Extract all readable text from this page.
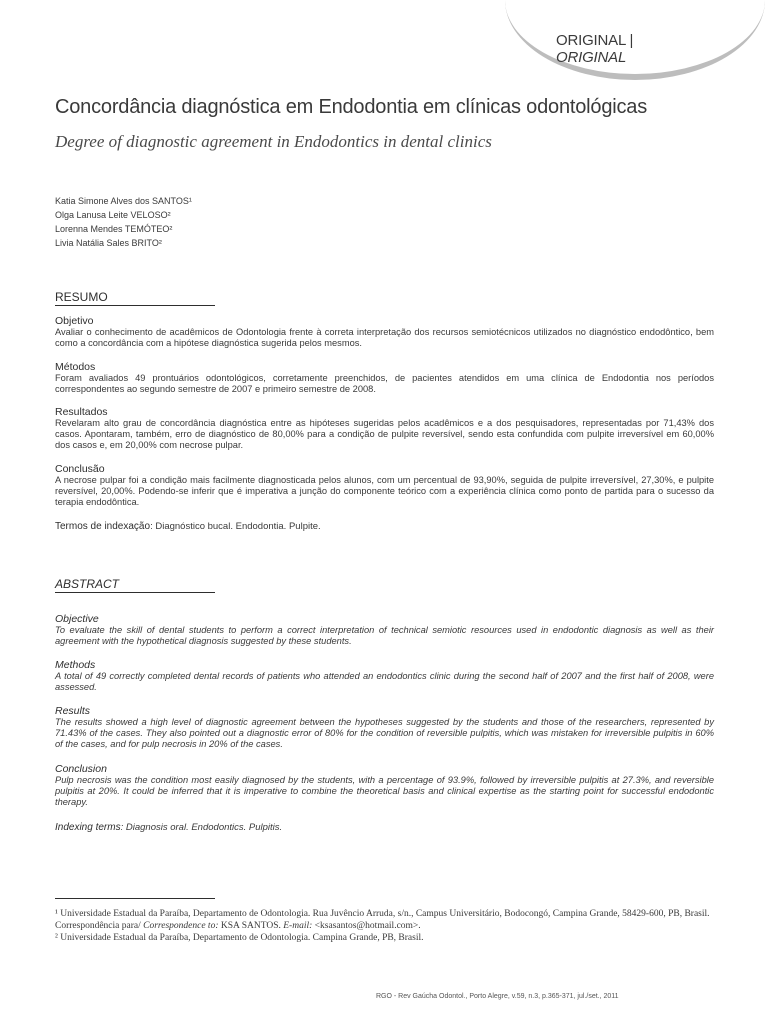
ORIGINAL | ORIGINAL
Concordância diagnóstica em Endodontia em clínicas odontológicas
Degree of diagnostic agreement in Endodontics in dental clinics
Katia Simone Alves dos SANTOS¹
Olga Lanusa Leite VELOSO²
Lorenna Mendes TEMÓTEO²
Livia Natália Sales BRITO²
RESUMO
Objetivo
Avaliar o conhecimento de acadêmicos de Odontologia frente à correta interpretação dos recursos semiotécnicos utilizados no diagnóstico endodôntico, bem como a concordância com a hipótese diagnóstica sugerida pelos mesmos.
Métodos
Foram avaliados 49 prontuários odontológicos, corretamente preenchidos, de pacientes atendidos em uma clínica de Endodontia nos períodos correspondentes ao segundo semestre de 2007 e primeiro semestre de 2008.
Resultados
Revelaram alto grau de concordância diagnóstica entre as hipóteses sugeridas pelos acadêmicos e a dos pesquisadores, representadas por 71,43% dos casos. Apontaram, também, erro de diagnóstico de 80,00% para a condição de pulpite reversível, sendo esta confundida com pulpite irreversível em 60,00% dos casos e, em 20,00% com necrose pulpar.
Conclusão
A necrose pulpar foi a condição mais facilmente diagnosticada pelos alunos, com um percentual de 93,90%, seguida de pulpite irreversível, 27,30%, e pulpite reversível, 20,00%. Podendo-se inferir que é imperativa a junção do componente teórico com a experiência clínica como ponto de partida para o sucesso da terapia endodôntica.
Termos de indexação: Diagnóstico bucal. Endodontia. Pulpite.
ABSTRACT
Objective
To evaluate the skill of dental students to perform a correct interpretation of technical semiotic resources used in endodontic diagnosis as well as their agreement with the hypothetical diagnosis suggested by these students.
Methods
A total of 49 correctly completed dental records of patients who attended an endodontics clinic during the second half of 2007 and the first half of 2008, were assessed.
Results
The results showed a high level of diagnostic agreement between the hypotheses suggested by the students and those of the researchers, represented by 71.43% of the cases. They also pointed out a diagnostic error of 80% for the condition of reversible pulpitis, which was mistaken for irreversible pulpitis in 60% of the cases, and for pulp necrosis in 20% of the cases.
Conclusion
Pulp necrosis was the condition most easily diagnosed by the students, with a percentage of 93.9%, followed by irreversible pulpitis at 27.3%, and reversible pulpitis at 20%. It could be inferred that it is imperative to combine the theoretical basis and clinical expertise as the starting point for successful endodontic therapy.
Indexing terms: Diagnosis oral. Endodontics. Pulpitis.
¹ Universidade Estadual da Paraíba, Departamento de Odontologia. Rua Juvêncio Arruda, s/n., Campus Universitário, Bodocongó, Campina Grande, 58429-600, PB, Brasil. Correspondência para/ Correspondence to: KSA SANTOS. E-mail: <ksasantos@hotmail.com>.
² Universidade Estadual da Paraíba, Departamento de Odontologia. Campina Grande, PB, Brasil.
RGO - Rev Gaúcha Odontol., Porto Alegre, v.59, n.3, p.365-371, jul./set., 2011
